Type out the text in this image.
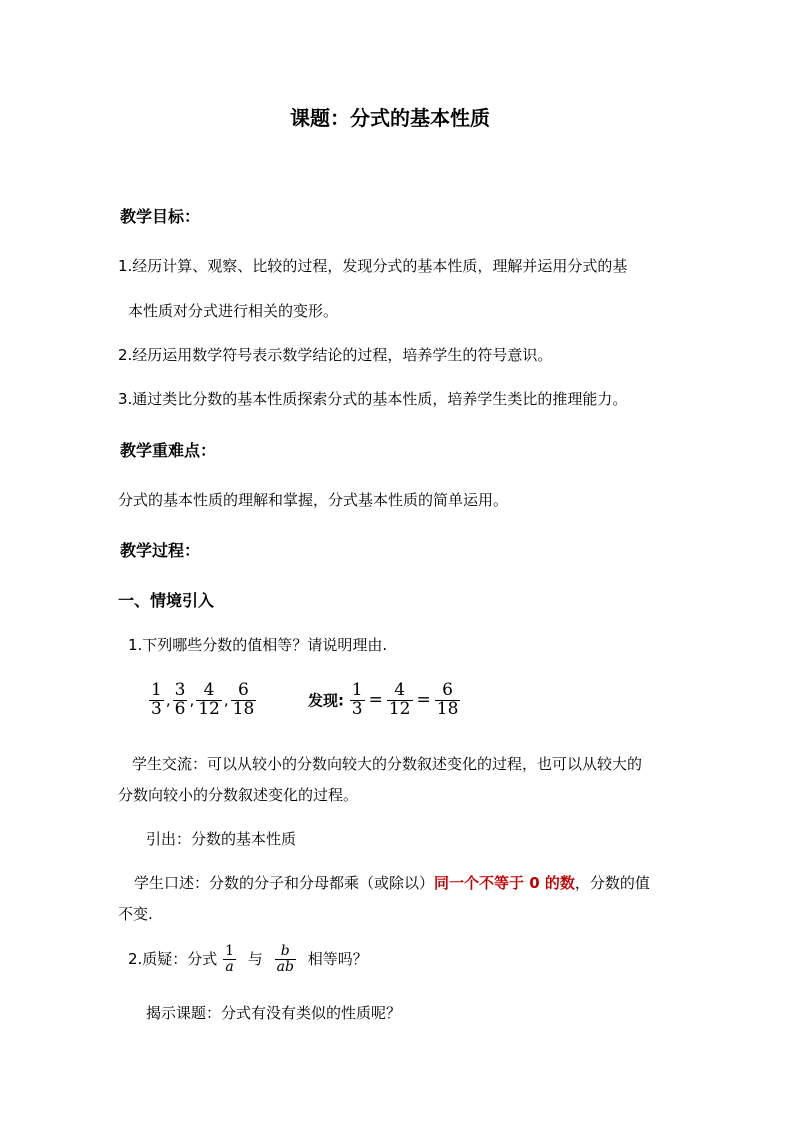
课题：分式的基本性质
教学目标：
1.经历计算、观察、比较的过程，发现分式的基本性质，理解并运用分式的基
本性质对分式进行相关的变形。
2.经历运用数学符号表示数学结论的过程，培养学生的符号意识。
3.通过类比分数的基本性质探索分式的基本性质，培养学生类比的推理能力。
教学重难点：
分式的基本性质的理解和掌握，分式基本性质的简单运用。
教学过程：
一、情境引入
1.下列哪些分数的值相等？请说明理由.
$\frac{1}{3}$ , $\frac{3}{6}$ , $\frac{4}{12}$ , $\frac{6}{18}$	发现: $\frac{1}{3} = \frac{4}{12} = \frac{6}{18}$
学生交流：可以从较小的分数向较大的分数叙述变化的过程，也可以从较大的
分数向较小的分数叙述变化的过程。
引出：分数的基本性质
学生口述：分数的分子和分母都乘（或除以）同一个不等于 0 的数，分数的值
不变.
2.质疑：分式 $\frac{1}{a}$ 与 $\frac{b}{ab}$ 相等吗？
揭示课题：分式有没有类似的性质呢？
